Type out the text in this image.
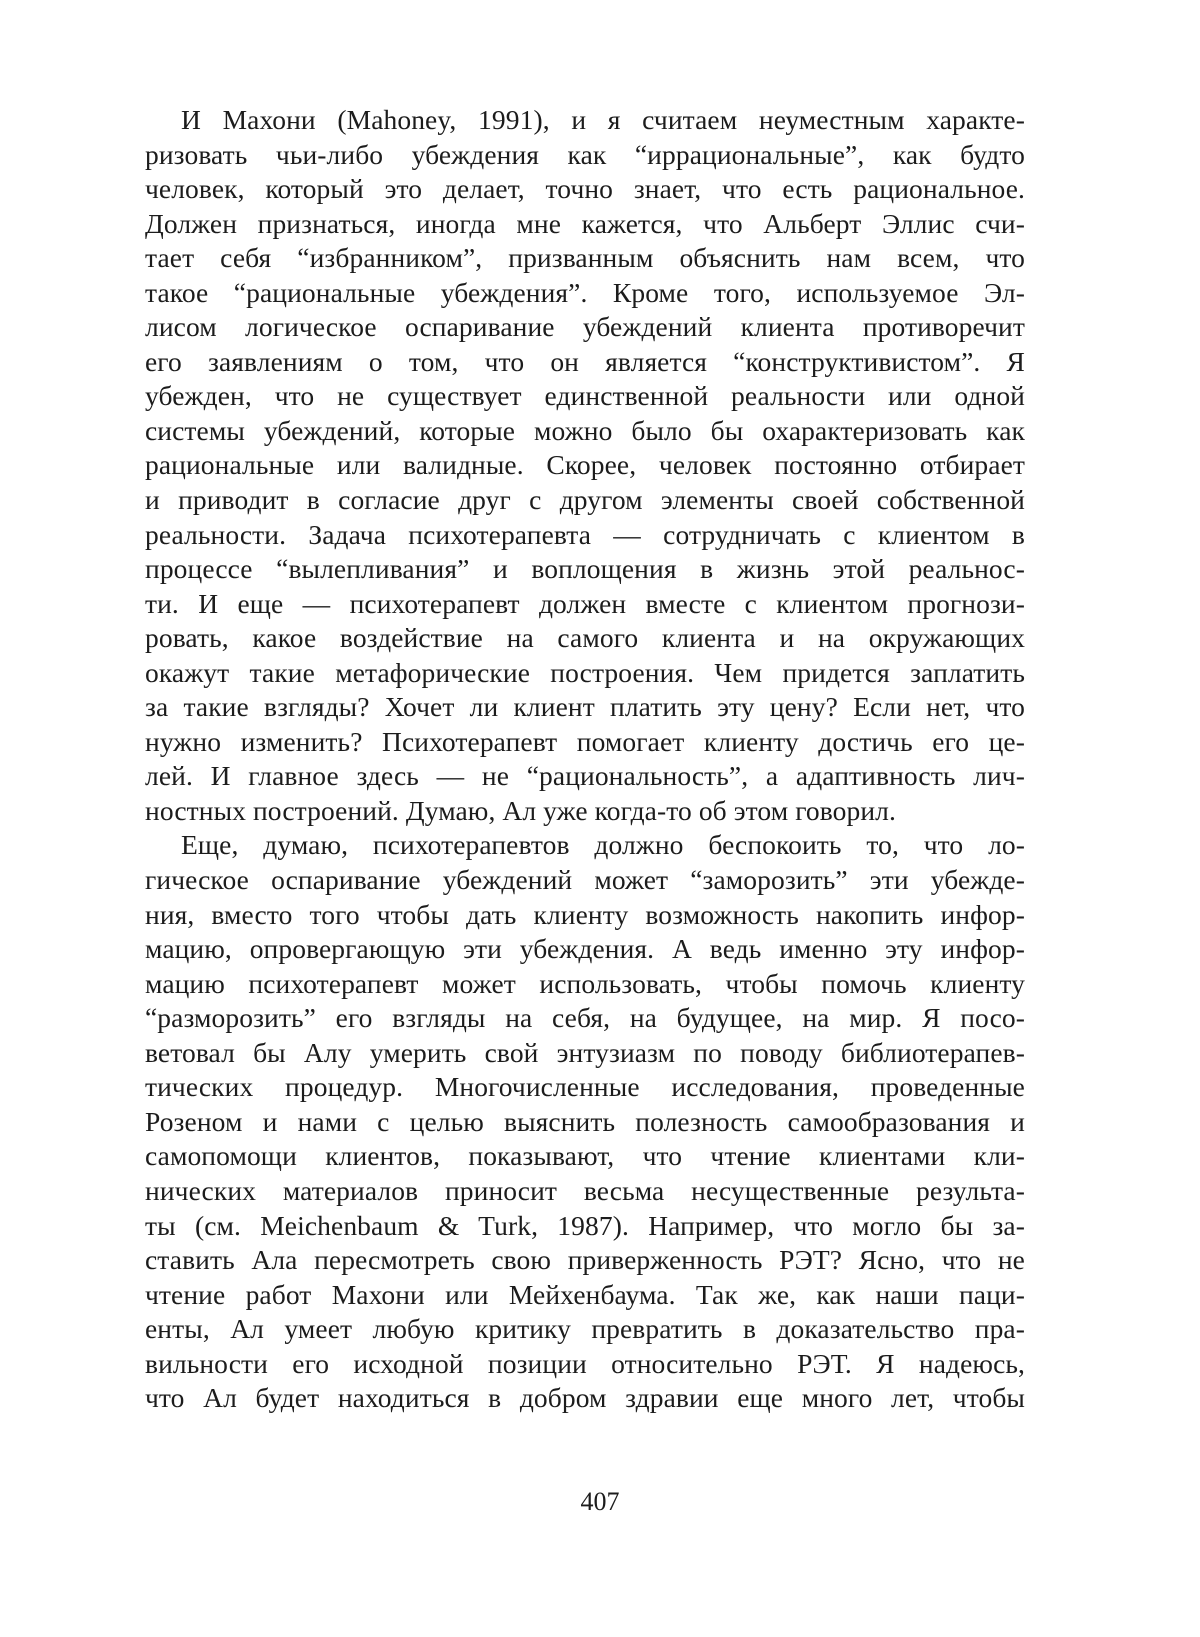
И Махони (Mahoney, 1991), и я считаем неуместным характе-
ризовать чьи-либо убеждения как “иррациональные”, как будто
человек, который это делает, точно знает, что есть рациональное.
Должен признаться, иногда мне кажется, что Альберт Эллис счи-
тает себя “избранником”, призванным объяснить нам всем, что
такое “рациональные убеждения”. Кроме того, используемое Эл-
лисом логическое оспаривание убеждений клиента противоречит
его заявлениям о том, что он является “конструктивистом”. Я
убежден, что не существует единственной реальности или одной
системы убеждений, которые можно было бы охарактеризовать как
рациональные или валидные. Скорее, человек постоянно отбирает
и приводит в согласие друг с другом элементы своей собственной
реальности. Задача психотерапевта — сотрудничать с клиентом в
процессе “вылепливания” и воплощения в жизнь этой реальнос-
ти. И еще — психотерапевт должен вместе с клиентом прогнози-
ровать, какое воздействие на самого клиента и на окружающих
окажут такие метафорические построения. Чем придется заплатить
за такие взгляды? Хочет ли клиент платить эту цену? Если нет, что
нужно изменить? Психотерапевт помогает клиенту достичь его це-
лей. И главное здесь — не “рациональность”, а адаптивность лич-
ностных построений. Думаю, Ал уже когда-то об этом говорил.
Еще, думаю, психотерапевтов должно беспокоить то, что ло-
гическое оспаривание убеждений может “заморозить” эти убежде-
ния, вместо того чтобы дать клиенту возможность накопить инфор-
мацию, опровергающую эти убеждения. А ведь именно эту инфор-
мацию психотерапевт может использовать, чтобы помочь клиенту
“разморозить” его взгляды на себя, на будущее, на мир. Я посо-
ветовал бы Алу умерить свой энтузиазм по поводу библиотерапев-
тических процедур. Многочисленные исследования, проведенные
Розеном и нами с целью выяснить полезность самообразования и
самопомощи клиентов, показывают, что чтение клиентами кли-
нических материалов приносит весьма несущественные результа-
ты (см. Meichenbaum & Turk, 1987). Например, что могло бы за-
ставить Ала пересмотреть свою приверженность РЭТ? Ясно, что не
чтение работ Махони или Мейхенбаума. Так же, как наши паци-
енты, Ал умеет любую критику превратить в доказательство пра-
вильности его исходной позиции относительно РЭТ. Я надеюсь,
что Ал будет находиться в добром здравии еще много лет, чтобы
407
